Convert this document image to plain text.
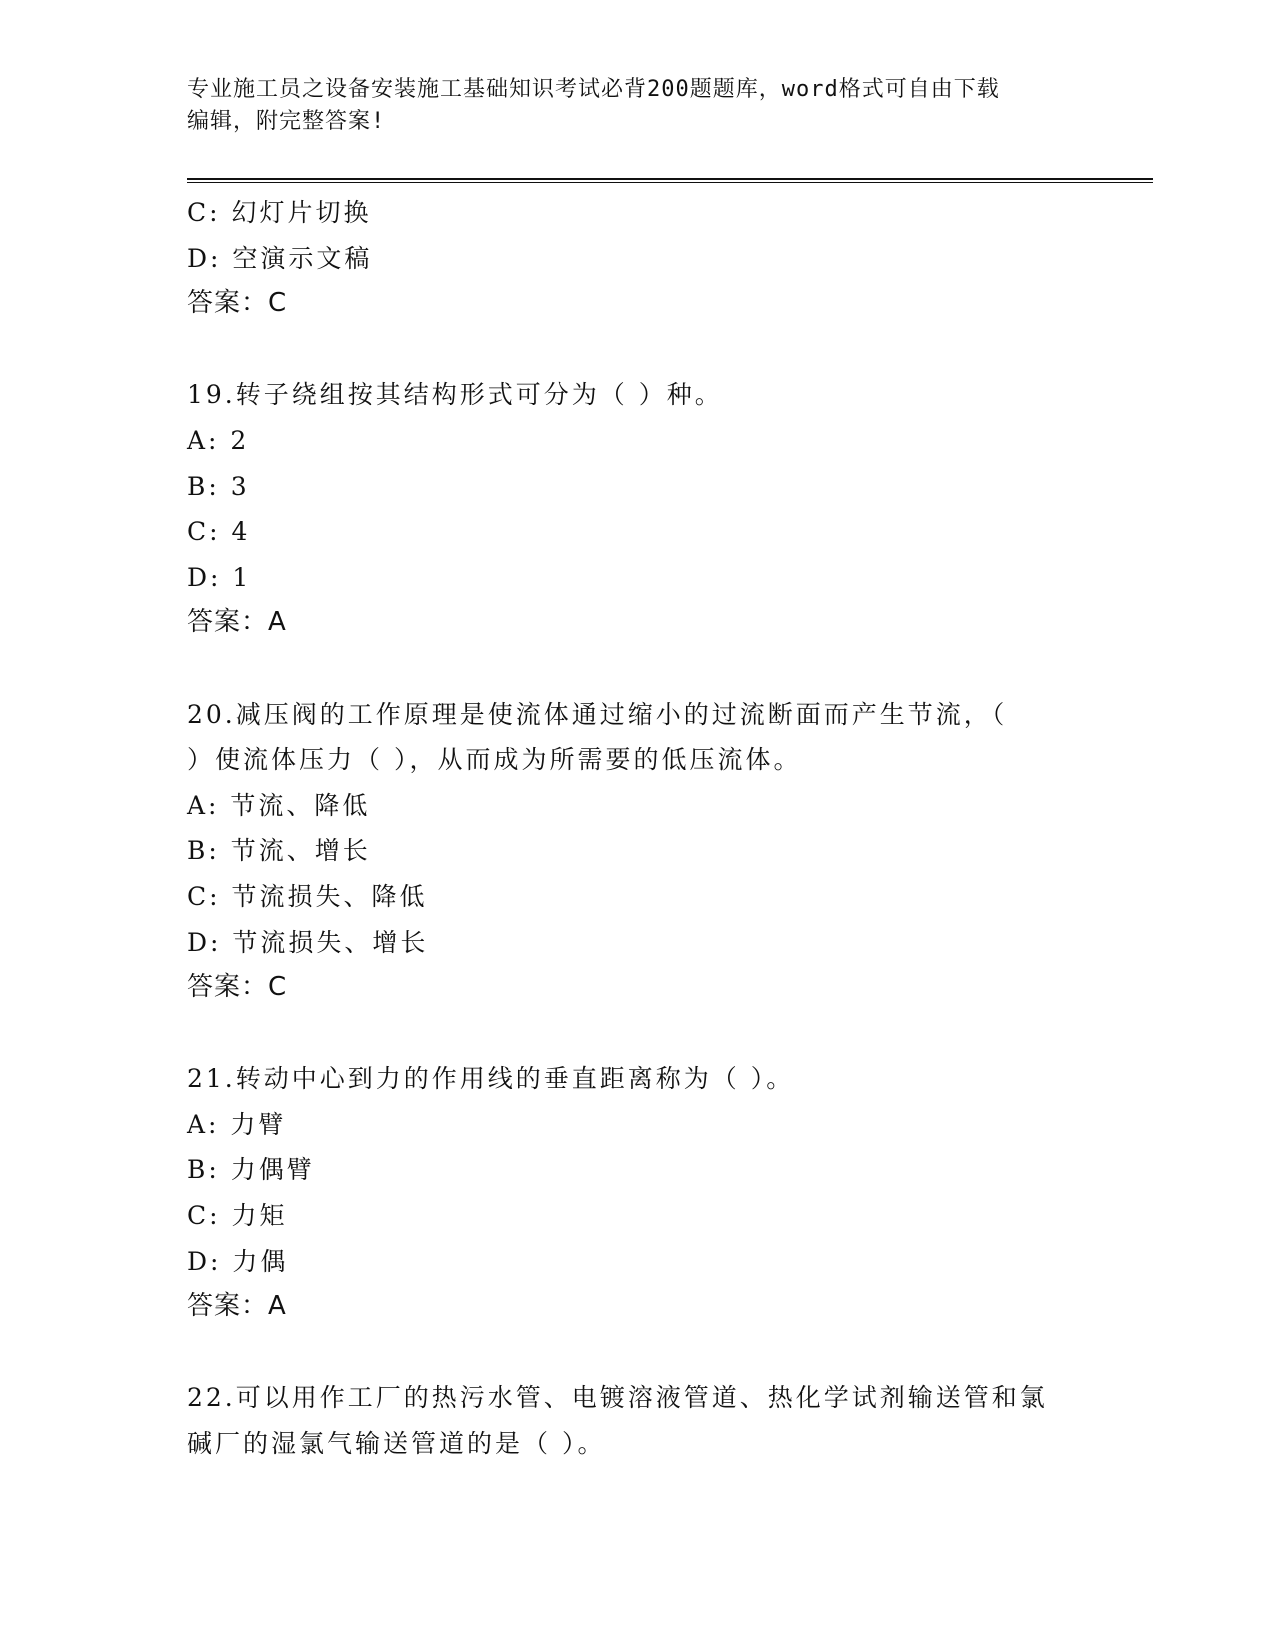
专业施工员之设备安装施工基础知识考试必背200题题库，word格式可自由下载
编辑，附完整答案!
C: 幻灯片切换
D: 空演示文稿
答案：C
19.转子绕组按其结构形式可分为（ ）种。
A: 2
B: 3
C: 4
D: 1
答案：A
20.减压阀的工作原理是使流体通过缩小的过流断面而产生节流，（
）使流体压力（ ），从而成为所需要的低压流体。
A: 节流、降低
B: 节流、增长
C: 节流损失、降低
D: 节流损失、增长
答案：C
21.转动中心到力的作用线的垂直距离称为（ ）。
A: 力臂
B: 力偶臂
C: 力矩
D: 力偶
答案：A
22.可以用作工厂的热污水管、电镀溶液管道、热化学试剂输送管和氯
碱厂的湿氯气输送管道的是（ ）。
